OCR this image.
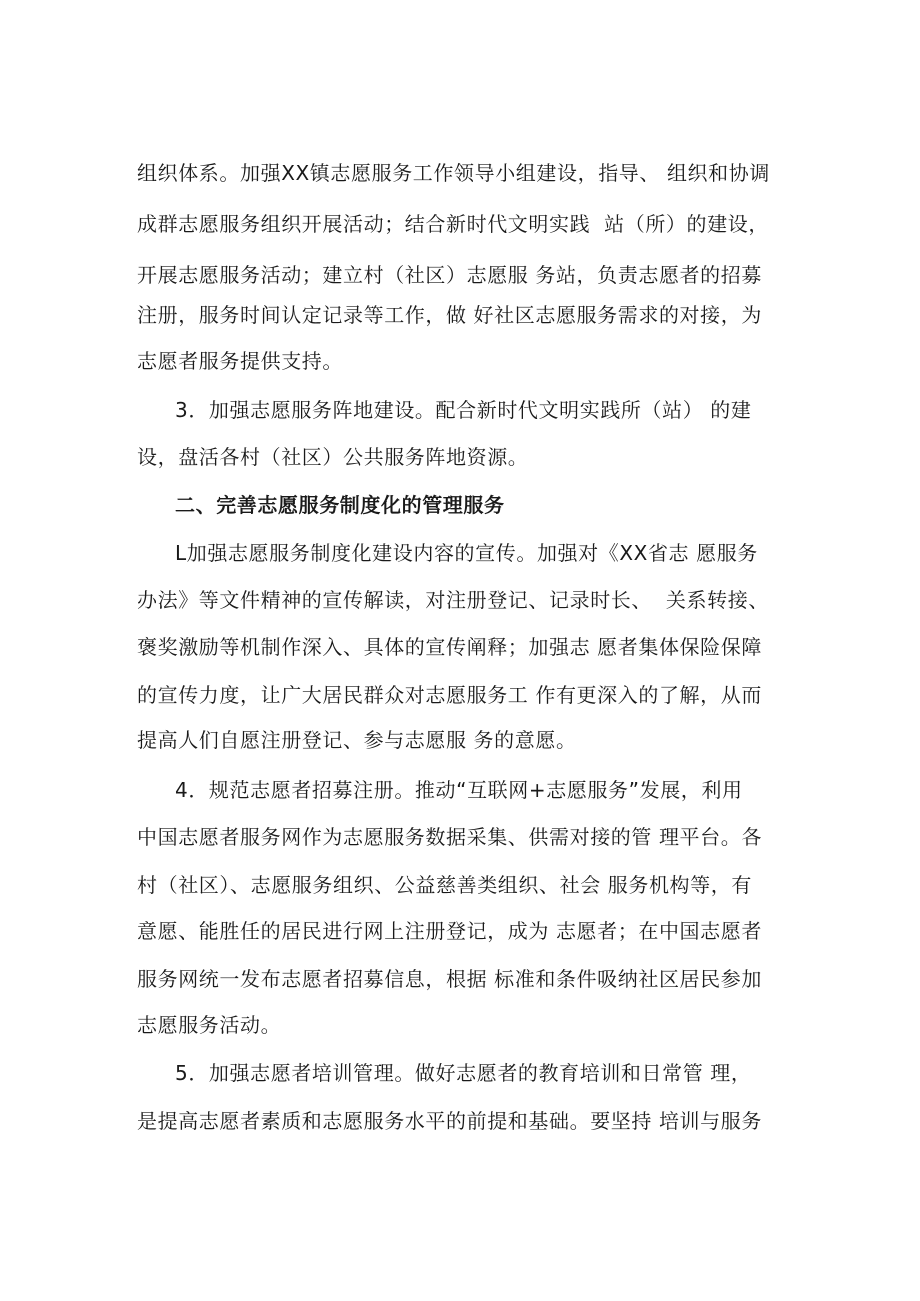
组织体系。加强XX镇志愿服务工作领导小组建设，指导、 组织和协调
成群志愿服务组织开展活动；结合新时代文明实践  站（所）的建设，
开展志愿服务活动；建立村（社区）志愿服 务站，负责志愿者的招募
注册，服务时间认定记录等工作，做 好社区志愿服务需求的对接，为
志愿者服务提供支持。
3．加强志愿服务阵地建设。配合新时代文明实践所（站） 的建
设，盘活各村（社区）公共服务阵地资源。
二、完善志愿服务制度化的管理服务
L加强志愿服务制度化建设内容的宣传。加强对《XX省志 愿服务
办法》等文件精神的宣传解读，对注册登记、记录时长、  关系转接、
褒奖激励等机制作深入、具体的宣传阐释；加强志 愿者集体保险保障
的宣传力度，让广大居民群众对志愿服务工 作有更深入的了解，从而
提高人们自愿注册登记、参与志愿服 务的意愿。
4．规范志愿者招募注册。推动“互联网+志愿服务”发展，利用
中国志愿者服务网作为志愿服务数据采集、供需对接的管 理平台。各
村（社区）、志愿服务组织、公益慈善类组织、社会 服务机构等，有
意愿、能胜任的居民进行网上注册登记，成为 志愿者；在中国志愿者
服务网统一发布志愿者招募信息，根据 标准和条件吸纳社区居民参加
志愿服务活动。
5．加强志愿者培训管理。做好志愿者的教育培训和日常管 理，
是提高志愿者素质和志愿服务水平的前提和基础。要坚持 培训与服务
